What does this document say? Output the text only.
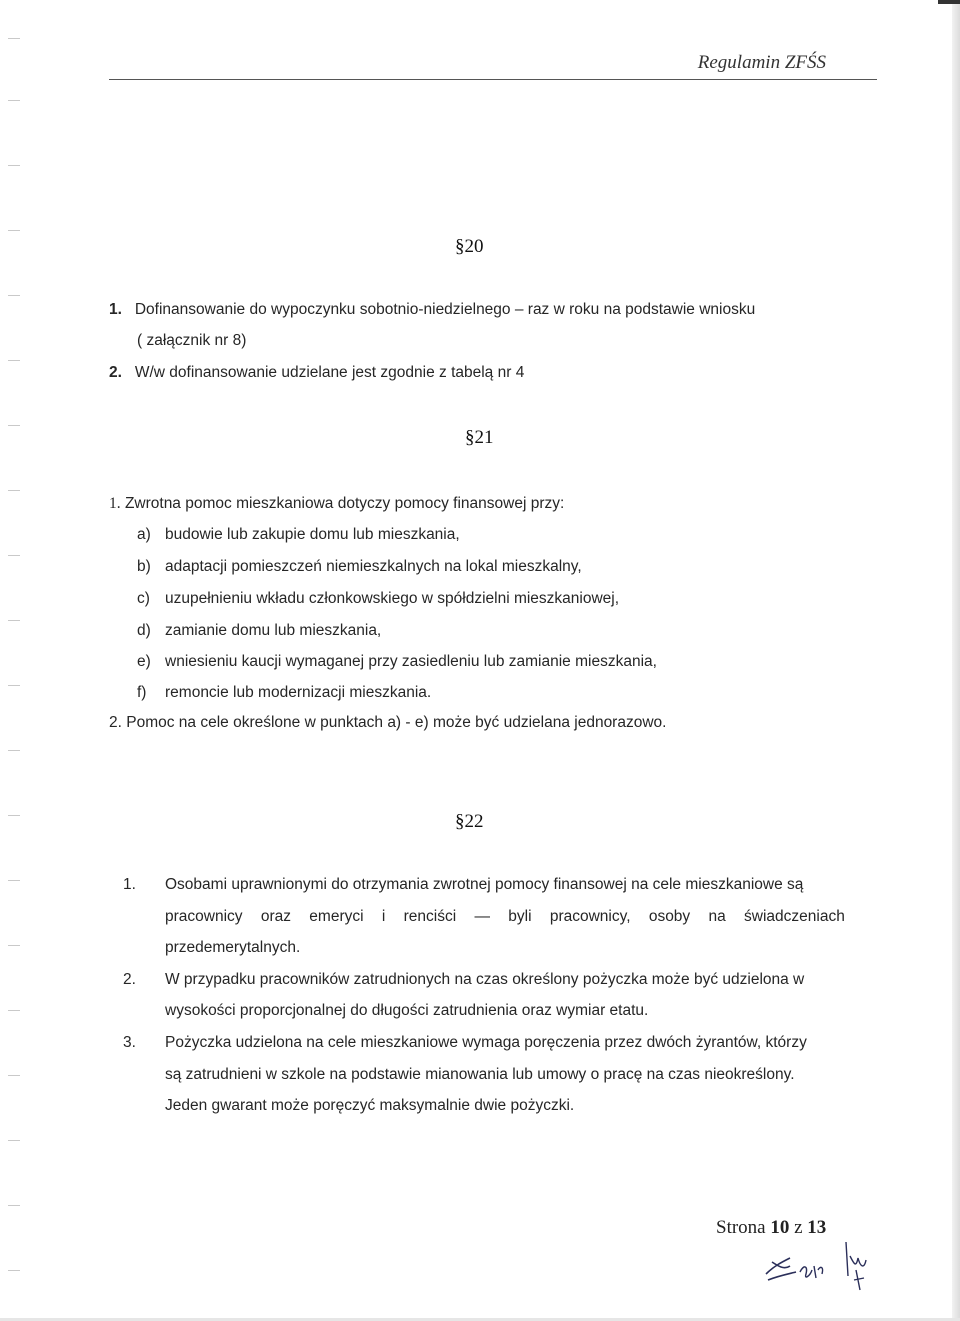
Regulamin ZFŚS
§20
1. Dofinansowanie do wypoczynku sobotnio-niedzielnego – raz w roku na podstawie wniosku
( załącznik nr 8)
2. W/w dofinansowanie udzielane jest zgodnie z tabelą nr 4
§21
1. Zwrotna pomoc mieszkaniowa dotyczy pomocy finansowej przy:
a) budowie lub zakupie domu lub mieszkania,
b) adaptacji pomieszczeń niemieszkalnych na lokal mieszkalny,
c) uzupełnieniu wkładu członkowskiego w spółdzielni mieszkaniowej,
d) zamianie domu lub mieszkania,
e) wniesieniu kaucji wymaganej przy zasiedleniu lub zamianie mieszkania,
f) remoncie lub modernizacji mieszkania.
2. Pomoc na cele określone w punktach a) - e) może być udzielana jednorazowo.
§22
1. Osobami uprawnionymi do otrzymania zwrotnej pomocy finansowej na cele mieszkaniowe są
pracownicy oraz emeryci i renciści — byli pracownicy, osoby na świadczeniach
przedemerytalnych.
2. W przypadku pracowników zatrudnionych na czas określony pożyczka może być udzielona w
wysokości proporcjonalnej do długości zatrudnienia oraz wymiar etatu.
3. Pożyczka udzielona na cele mieszkaniowe wymaga poręczenia przez dwóch żyrantów, którzy
są zatrudnieni w szkole na podstawie mianowania lub umowy o pracę na czas nieokreślony.
Jeden gwarant może poręczyć maksymalnie dwie pożyczki.
Strona 10 z 13
